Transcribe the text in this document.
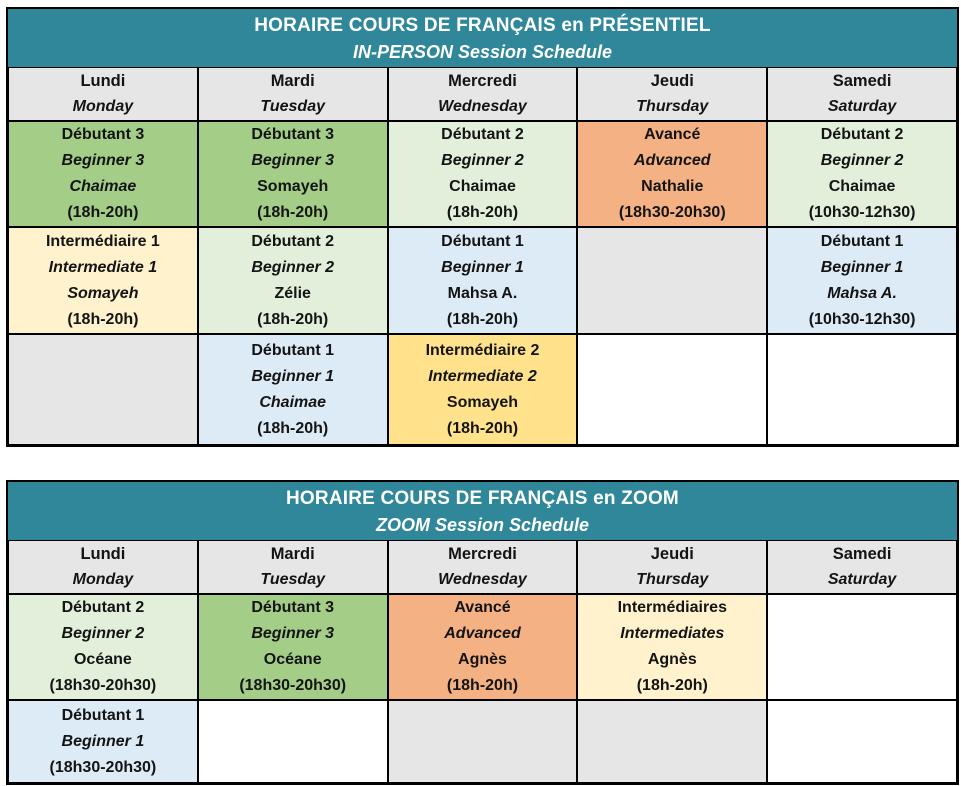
HORAIRE COURS DE FRANÇAIS en PRÉSENTIEL
IN-PERSON Session Schedule
Lundi
Monday
Mardi
Tuesday
Mercredi
Wednesday
Jeudi
Thursday
Samedi
Saturday
Débutant 3
Beginner 3
Chaimae
(18h-20h)
Débutant 3
Beginner 3
Somayeh
(18h-20h)
Débutant 2
Beginner 2
Chaimae
(18h-20h)
Avancé
Advanced
Nathalie
(18h30-20h30)
Débutant 2
Beginner 2
Chaimae
(10h30-12h30)
Intermédiaire 1
Intermediate 1
Somayeh
(18h-20h)
Débutant 2
Beginner 2
Zélie
(18h-20h)
Débutant 1
Beginner 1
Mahsa A.
(18h-20h)
Débutant 1
Beginner 1
Mahsa A.
(10h30-12h30)
Débutant 1
Beginner 1
Chaimae
(18h-20h)
Intermédiaire 2
Intermediate 2
Somayeh
(18h-20h)
HORAIRE COURS DE FRANÇAIS en ZOOM
ZOOM Session Schedule
Lundi
Monday
Mardi
Tuesday
Mercredi
Wednesday
Jeudi
Thursday
Samedi
Saturday
Débutant 2
Beginner 2
Océane
(18h30-20h30)
Débutant 3
Beginner 3
Océane
(18h30-20h30)
Avancé
Advanced
Agnès
(18h-20h)
Intermédiaires
Intermediates
Agnès
(18h-20h)
Débutant 1
Beginner 1
(18h30-20h30)
